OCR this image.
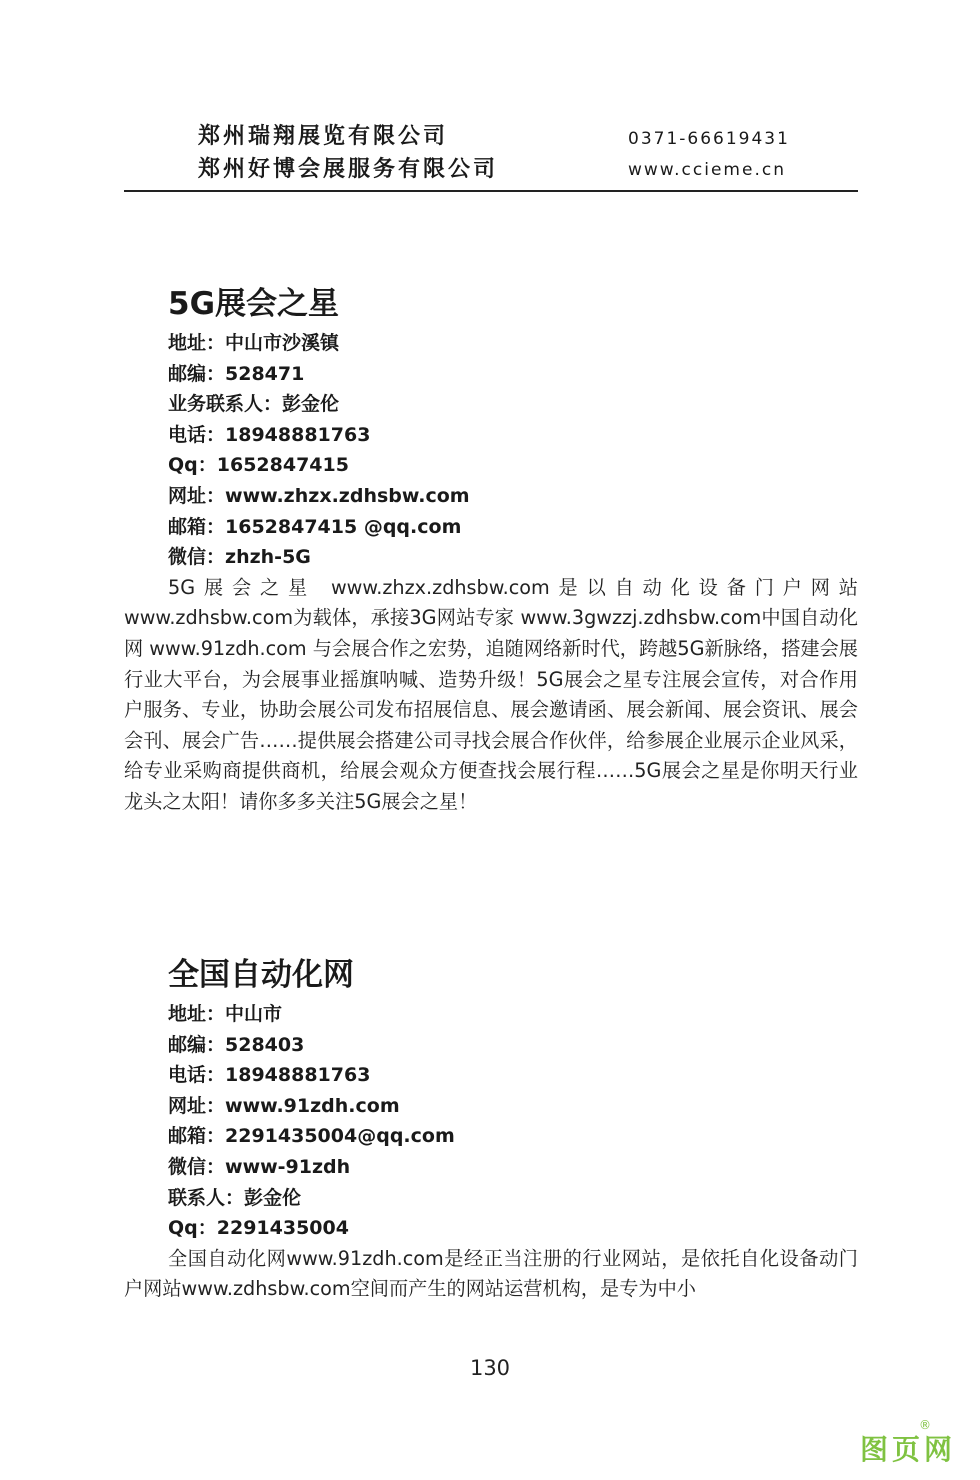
郑州瑞翔展览有限公司
郑州好博会展服务有限公司
0371-66619431
www.ccieme.cn
5G展会之星
地址：中山市沙溪镇
邮编：528471
业务联系人：彭金伦
电话：18948881763
Qq：1652847415
网址：www.zhzx.zdhsbw.com
邮箱：1652847415 @qq.com
微信：zhzh-5G

5G展会之星 www.zhzx.zdhsbw.com是以自动化设备门户网站www.zdhsbw.com为载体，承接3G网站专家 www.3gwzzj.zdhsbw.com中国自动化网 www.91zdh.com 与会展合作之宏势，追随网络新时代，跨越5G新脉络，搭建会展行业大平台，为会展事业摇旗呐喊、造势升级！5G展会之星专注展会宣传，对合作用户服务、专业，协助会展公司发布招展信息、展会邀请函、展会新闻、展会资讯、展会会刊、展会广告……提供展会搭建公司寻找会展合作伙伴，给参展企业展示企业风采，给专业采购商提供商机，给展会观众方便查找会展行程……5G展会之星是你明天行业龙头之太阳！请你多多关注5G展会之星！

全国自动化网
地址：中山市
邮编：528403
电话：18948881763
网址：www.91zdh.com
邮箱：2291435004@qq.com
微信：www-91zdh
联系人：彭金伦
Qq：2291435004

全国自动化网www.91zdh.com是经正当注册的行业网站，是依托自化设备动门户网站www.zdhsbw.com空间而产生的网站运营机构，是专为中小

130
图页网
®
